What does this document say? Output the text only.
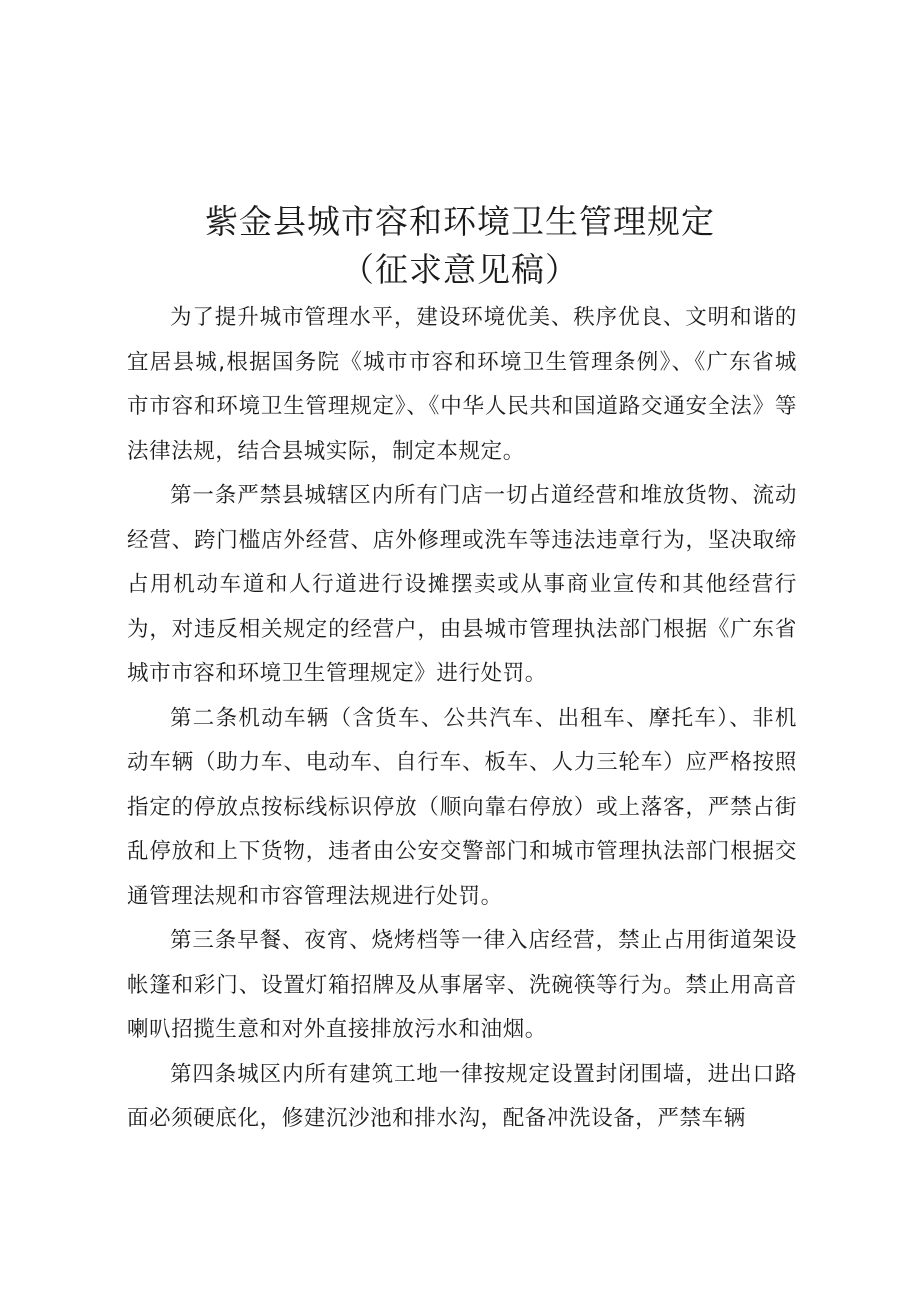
紫金县城市容和环境卫生管理规定
（征求意见稿）

为了提升城市管理水平，建设环境优美、秩序优良、文明和谐的宜居县城,根据国务院《城市市容和环境卫生管理条例》、《广东省城市市容和环境卫生管理规定》、《中华人民共和国道路交通安全法》等法律法规，结合县城实际，制定本规定。

第一条严禁县城辖区内所有门店一切占道经营和堆放货物、流动经营、跨门槛店外经营、店外修理或洗车等违法违章行为，坚决取缔占用机动车道和人行道进行设摊摆卖或从事商业宣传和其他经营行为，对违反相关规定的经营户，由县城市管理执法部门根据《广东省城市市容和环境卫生管理规定》进行处罚。

第二条机动车辆（含货车、公共汽车、出租车、摩托车）、非机动车辆（助力车、电动车、自行车、板车、人力三轮车）应严格按照指定的停放点按标线标识停放（顺向靠右停放）或上落客，严禁占街乱停放和上下货物，违者由公安交警部门和城市管理执法部门根据交通管理法规和市容管理法规进行处罚。

第三条早餐、夜宵、烧烤档等一律入店经营，禁止占用街道架设帐篷和彩门、设置灯箱招牌及从事屠宰、洗碗筷等行为。禁止用高音喇叭招揽生意和对外直接排放污水和油烟。

第四条城区内所有建筑工地一律按规定设置封闭围墙，进出口路面必须硬底化，修建沉沙池和排水沟，配备冲洗设备，严禁车辆
